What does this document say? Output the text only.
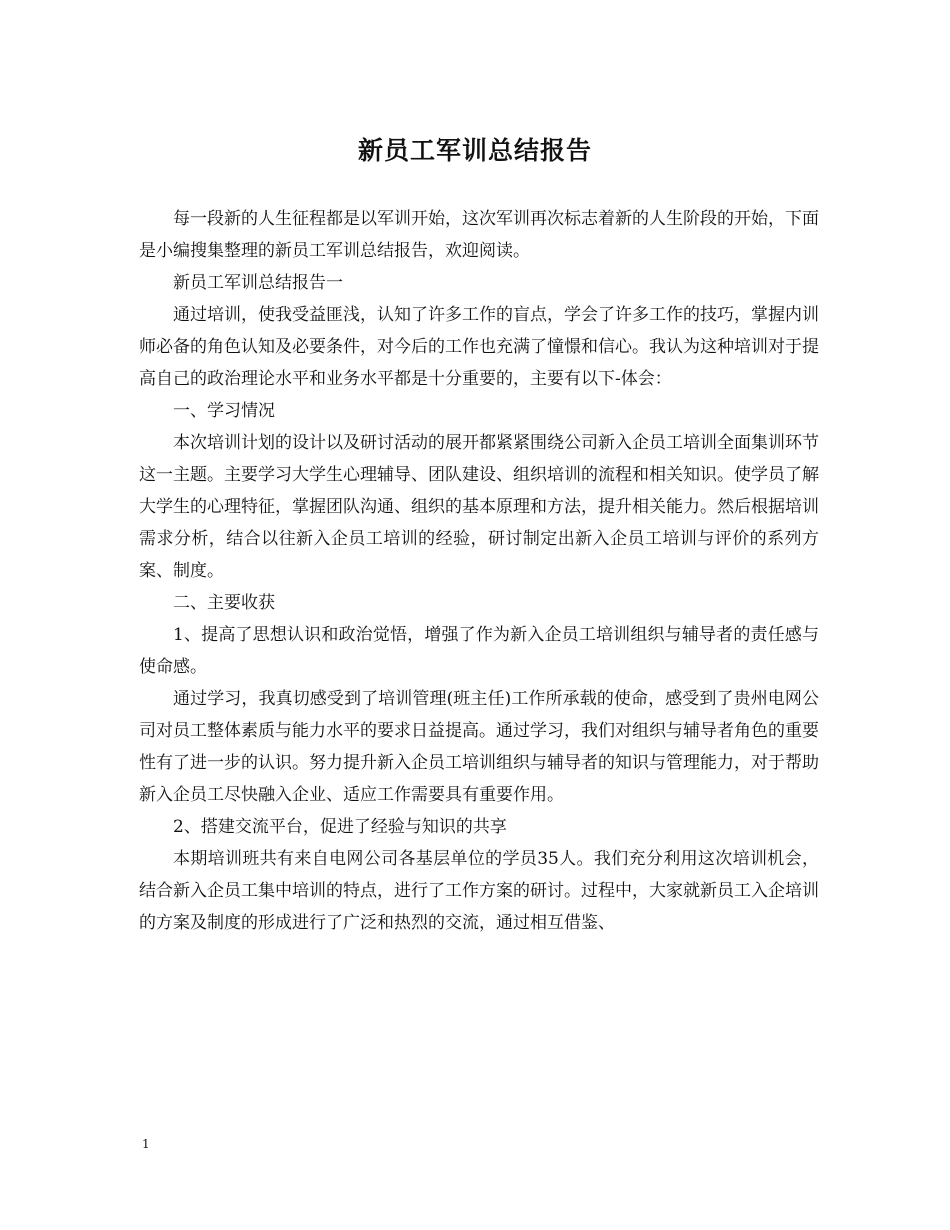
新员工军训总结报告

每一段新的人生征程都是以军训开始，这次军训再次标志着新的人生阶段的开始，下面是小编搜集整理的新员工军训总结报告，欢迎阅读。

新员工军训总结报告一

通过培训，使我受益匪浅，认知了许多工作的盲点，学会了许多工作的技巧，掌握内训师必备的角色认知及必要条件，对今后的工作也充满了憧憬和信心。我认为这种培训对于提高自己的政治理论水平和业务水平都是十分重要的，主要有以下-体会：

一、学习情况

本次培训计划的设计以及研讨活动的展开都紧紧围绕公司新入企员工培训全面集训环节这一主题。主要学习大学生心理辅导、团队建设、组织培训的流程和相关知识。使学员了解大学生的心理特征，掌握团队沟通、组织的基本原理和方法，提升相关能力。然后根据培训需求分析，结合以往新入企员工培训的经验，研讨制定出新入企员工培训与评价的系列方案、制度。

二、主要收获

1、提高了思想认识和政治觉悟，增强了作为新入企员工培训组织与辅导者的责任感与使命感。

通过学习，我真切感受到了培训管理(班主任)工作所承载的使命，感受到了贵州电网公司对员工整体素质与能力水平的要求日益提高。通过学习，我们对组织与辅导者角色的重要性有了进一步的认识。努力提升新入企员工培训组织与辅导者的知识与管理能力，对于帮助新入企员工尽快融入企业、适应工作需要具有重要作用。

2、搭建交流平台，促进了经验与知识的共享

本期培训班共有来自电网公司各基层单位的学员35人。我们充分利用这次培训机会，结合新入企员工集中培训的特点，进行了工作方案的研讨。过程中，大家就新员工入企培训的方案及制度的形成进行了广泛和热烈的交流，通过相互借鉴、

1
